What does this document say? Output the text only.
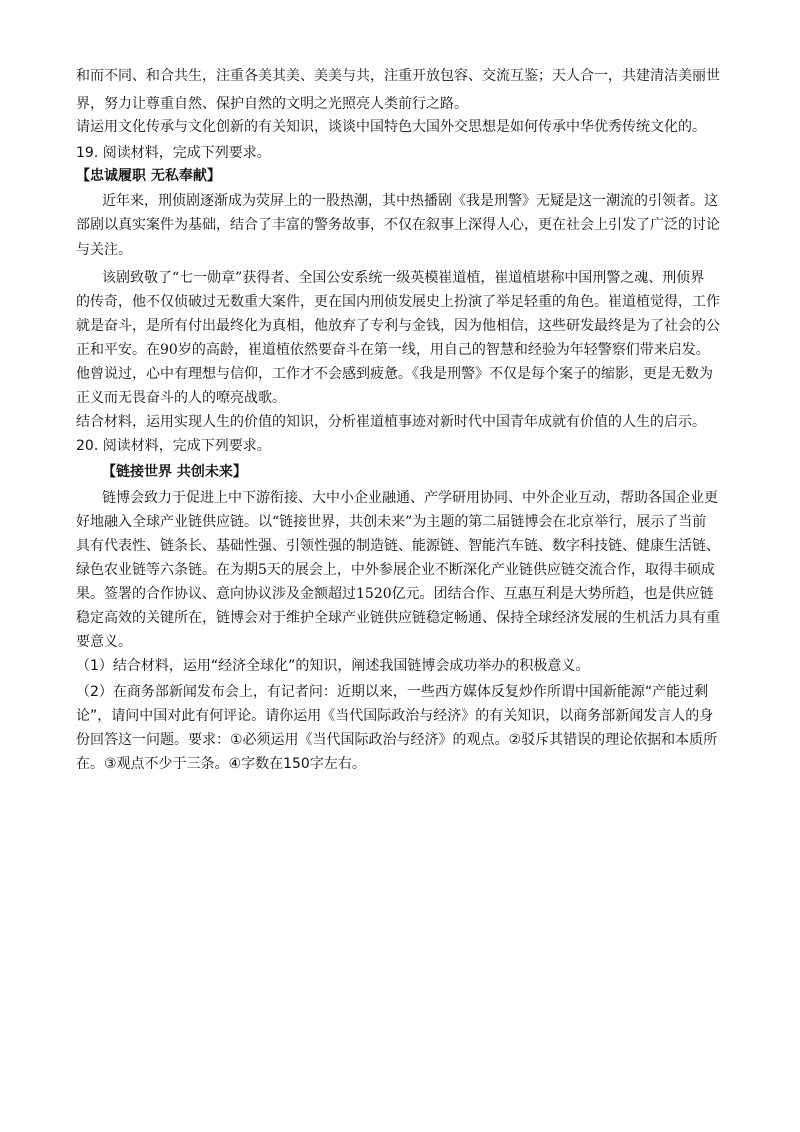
和而不同、和合共生，注重各美其美、美美与共，注重开放包容、交流互鉴；天人合一，共建清洁美丽世
界，努力让尊重自然、保护自然的文明之光照亮人类前行之路。
请运用文化传承与文化创新的有关知识，谈谈中国特色大国外交思想是如何传承中华优秀传统文化的。
19. 阅读材料，完成下列要求。
【忠诚履职 无私奉献】
近年来，刑侦剧逐渐成为荧屏上的一股热潮，其中热播剧《我是刑警》无疑是这一潮流的引领者。这
部剧以真实案件为基础，结合了丰富的警务故事，不仅在叙事上深得人心，更在社会上引发了广泛的讨论
与关注。
该剧致敬了“七一勋章”获得者、全国公安系统一级英模崔道植，崔道植堪称中国刑警之魂、刑侦界
的传奇，他不仅侦破过无数重大案件，更在国内刑侦发展史上扮演了举足轻重的角色。崔道植觉得，工作
就是奋斗，是所有付出最终化为真相，他放弃了专利与金钱，因为他相信，这些研发最终是为了社会的公
正和平安。在90岁的高龄，崔道植依然要奋斗在第一线，用自己的智慧和经验为年轻警察们带来启发。
他曾说过，心中有理想与信仰，工作才不会感到疲惫。《我是刑警》不仅是每个案子的缩影，更是无数为
正义而无畏奋斗的人的嘹亮战歌。
结合材料，运用实现人生的价值的知识，分析崔道植事迹对新时代中国青年成就有价值的人生的启示。
20. 阅读材料，完成下列要求。
【链接世界 共创未来】
链博会致力于促进上中下游衔接、大中小企业融通、产学研用协同、中外企业互动，帮助各国企业更
好地融入全球产业链供应链。以“链接世界，共创未来”为主题的第二届链博会在北京举行，展示了当前
具有代表性、链条长、基础性强、引领性强的制造链、能源链、智能汽车链、数字科技链、健康生活链、
绿色农业链等六条链。在为期5天的展会上，中外参展企业不断深化产业链供应链交流合作，取得丰硕成
果。签署的合作协议、意向协议涉及金额超过1520亿元。团结合作、互惠互利是大势所趋，也是供应链
稳定高效的关键所在，链博会对于维护全球产业链供应链稳定畅通、保持全球经济发展的生机活力具有重
要意义。
（1）结合材料，运用“经济全球化”的知识，阐述我国链博会成功举办的积极意义。
（2）在商务部新闻发布会上，有记者问：近期以来，一些西方媒体反复炒作所谓中国新能源“产能过剩
论”，请问中国对此有何评论。请你运用《当代国际政治与经济》的有关知识，以商务部新闻发言人的身
份回答这一问题。要求：①必须运用《当代国际政治与经济》的观点。②驳斥其错误的理论依据和本质所
在。③观点不少于三条。④字数在150字左右。
